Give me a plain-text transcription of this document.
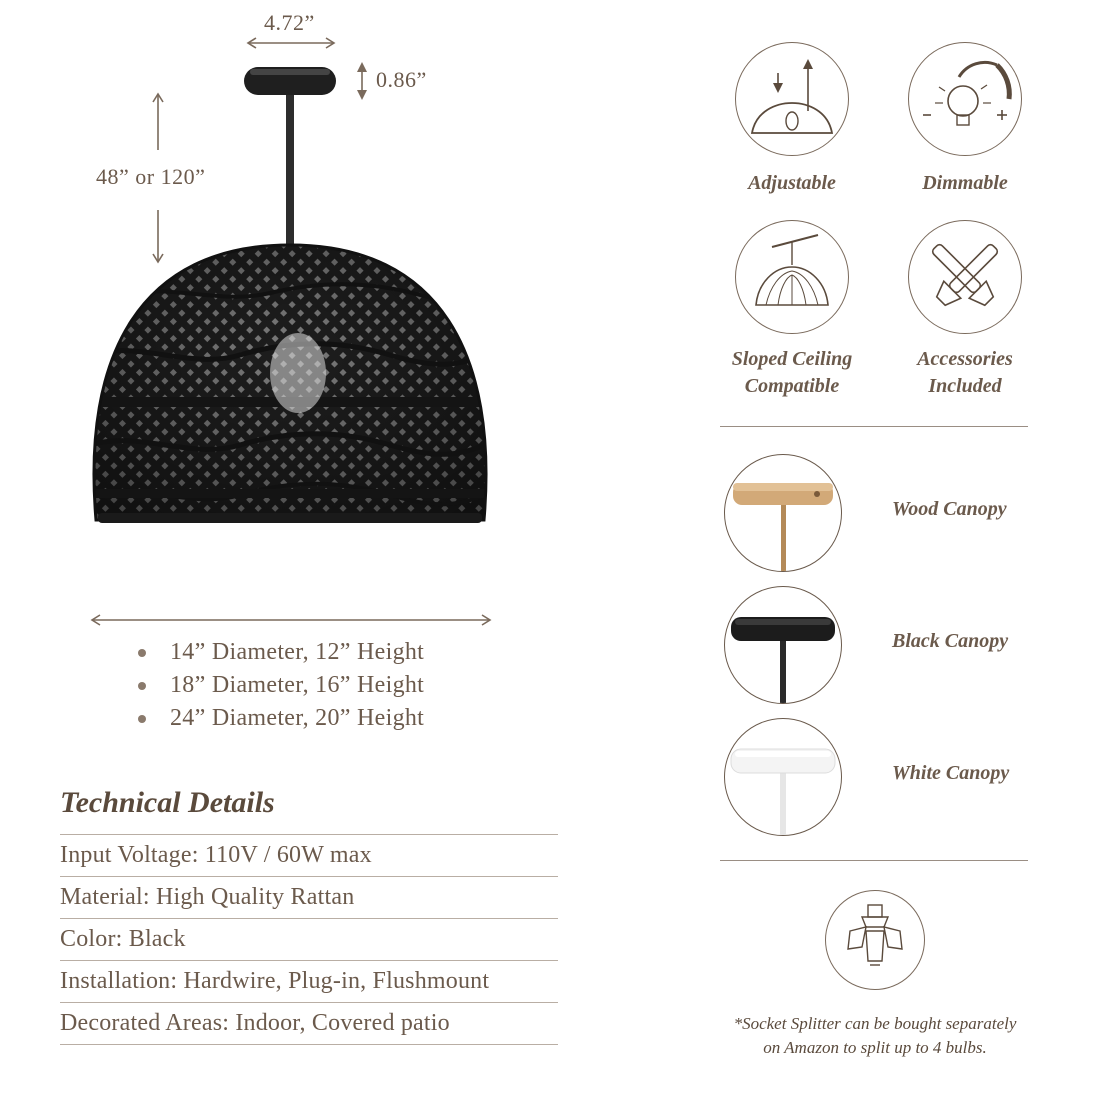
4.72”
0.86”
48” or 120”
14” Diameter, 12” Height
18” Diameter, 16” Height
24” Diameter, 20” Height
Technical Details
Input Voltage: 110V / 60W max
Material: High Quality Rattan
Color: Black
Installation: Hardwire, Plug-in, Flushmount
Decorated Areas: Indoor, Covered patio
Adjustable	Dimmable
Sloped Ceiling
Compatible
Accessories
Included
Wood Canopy
Black Canopy
White Canopy
*Socket Splitter can be bought separately
on Amazon to split up to 4 bulbs.
